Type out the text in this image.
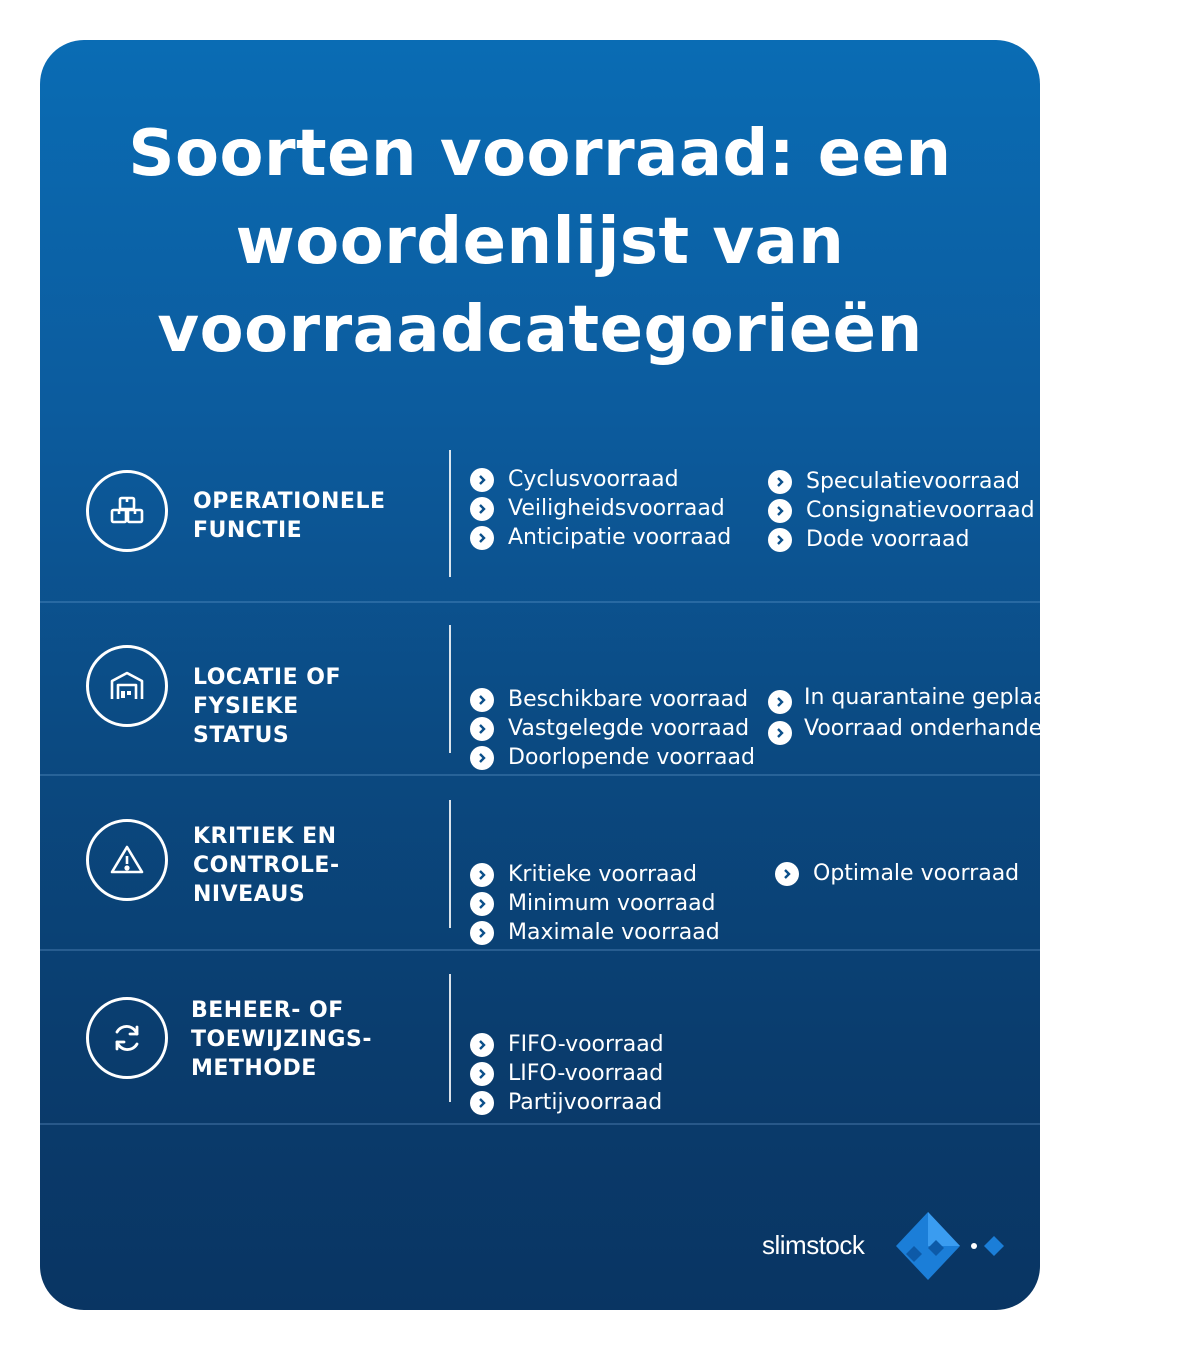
Soorten voorraad: een
woordenlijst van
voorraadcategorieën
OPERATIONELE
FUNCTIE
Cyclusvoorraad
Veiligheidsvoorraad
Anticipatie voorraad
Speculatievoorraad
Consignatievoorraad
Dode voorraad
LOCATIE OF FYSIEKE
STATUS
Beschikbare voorraad
Vastgelegde voorraad
Doorlopende voorraad
In quarantaine geplaatste voorraad
Voorraad onderhanden werk (WIP)
KRITIEK EN
CONTROLE-
NIVEAUS
Kritieke voorraad
Minimum voorraad
Maximale voorraad
Optimale voorraad
BEHEER- OF
TOEWIJZINGS-
METHODE
FIFO-voorraad
LIFO-voorraad
Partijvoorraad
slimstock
